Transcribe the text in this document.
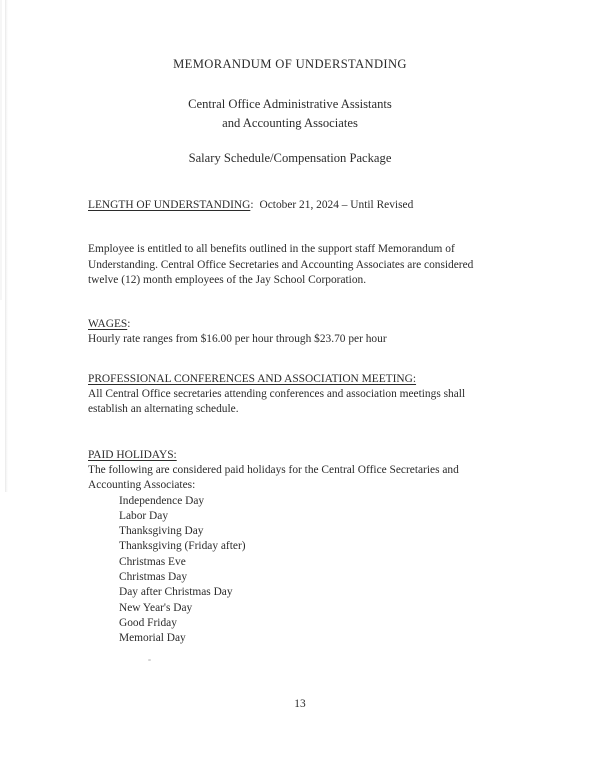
MEMORANDUM OF UNDERSTANDING

Central Office Administrative Assistants
and Accounting Associates

Salary Schedule/Compensation Package

LENGTH OF UNDERSTANDING: October 21, 2024 – Until Revised
Employee is entitled to all benefits outlined in the support staff Memorandum of Understanding. Central Office Secretaries and Accounting Associates are considered twelve (12) month employees of the Jay School Corporation.
WAGES:
Hourly rate ranges from $16.00 per hour through $23.70 per hour
PROFESSIONAL CONFERENCES AND ASSOCIATION MEETING:
All Central Office secretaries attending conferences and association meetings shall establish an alternating schedule.
PAID HOLIDAYS:
The following are considered paid holidays for the Central Office Secretaries and Accounting Associates:
Independence Day
Labor Day
Thanksgiving Day
Thanksgiving (Friday after)
Christmas Eve
Christmas Day
Day after Christmas Day
New Year's Day
Good Friday
Memorial Day
13
